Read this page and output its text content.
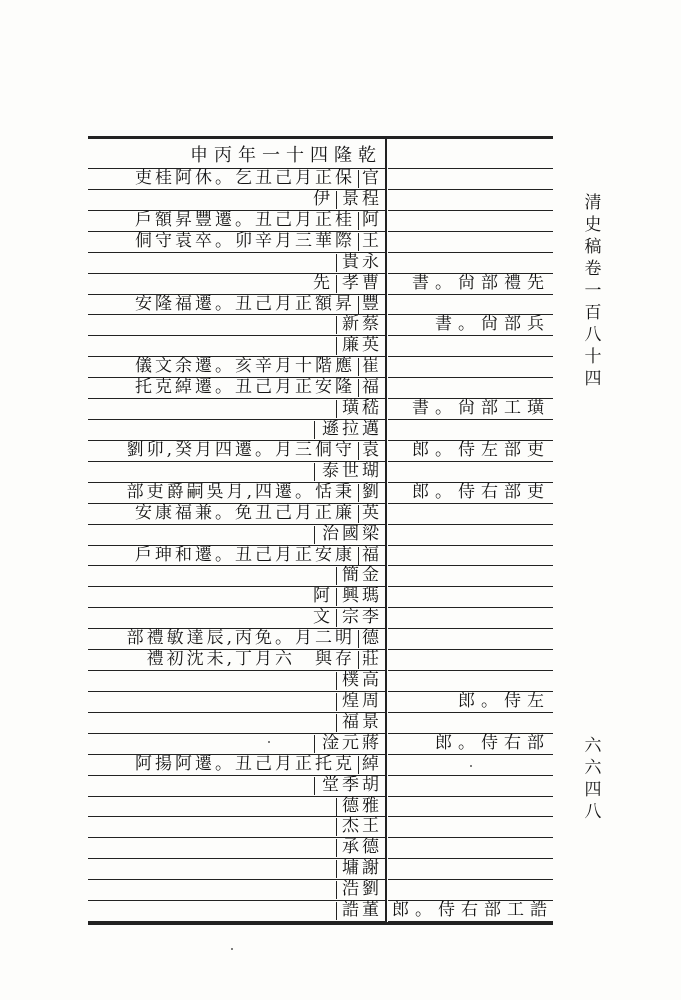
申丙年一十四隆乾
官
吏桂阿休。乞丑己月正保
景程
伊
阿
戶額昇豐遷。丑己月正桂
王
侗守袁卒。卯辛月三華際
貴永
孝曹
先
豐
安隆福遷。丑己月正額昇
新蔡
廉英
崔
儀文余遷。亥辛月十階應
福
托克綽遷。丑己月正安隆
璜嵇
遜拉邁
袁
劉卯,癸月四遷。月三侗守
泰世瑚
劉
部吏爵嗣吳月,四遷。恬秉
英
安康福兼。免丑己月正廉
治國梁
福
戶珅和遷。丑己月正安康
簡金
興瑪
阿
宗李
文
德
部禮敏達辰,丙免。月二明
莊
禮初沈未,丁月六　與存
樸高
煌周
福景
淦元蔣
綽
阿揚阿遷。丑己月正托克
堂季胡
德雅
杰王
承德
墉謝
浩劉
誥董
書。尙部禮先
書。尙部兵
書。尙部工璜
郎。侍左部吏
郎。侍右部吏
郎。侍左
郎。侍右部
郎。侍右部工誥
清史稿卷一百八十四
六六四八
